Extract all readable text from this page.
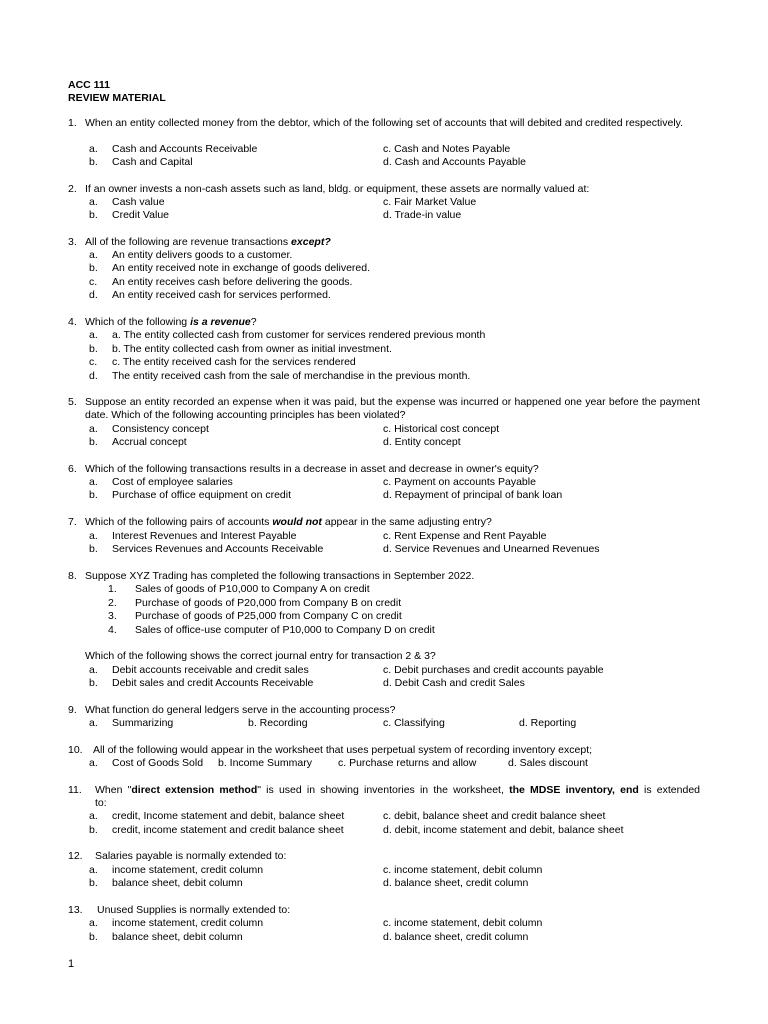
ACC 111
REVIEW MATERIAL
1. When an entity collected money from the debtor, which of the following set of accounts that will debited and credited respectively.
a. Cash and Accounts Receivable	c. Cash and Notes Payable
b. Cash and Capital	d. Cash and Accounts Payable
2. If an owner invests a non-cash assets such as land, bldg. or equipment, these assets are normally valued at:
a. Cash value	c. Fair Market Value
b. Credit Value	d. Trade-in value
3. All of the following are revenue transactions except?
a. An entity delivers goods to a customer.
b. An entity received note in exchange of goods delivered.
c. An entity receives cash before delivering the goods.
d. An entity received cash for services performed.
4. Which of the following is a revenue?
a. a. The entity collected cash from customer for services rendered previous month
b. b. The entity collected cash from owner as initial investment.
c. c. The entity received cash for the services rendered
d. The entity received cash from the sale of merchandise in the previous month.
5. Suppose an entity recorded an expense when it was paid, but the expense was incurred or happened one year before the payment date. Which of the following accounting principles has been violated?
a. Consistency concept	c. Historical cost concept
b. Accrual concept	d. Entity concept
6. Which of the following transactions results in a decrease in asset and decrease in owner's equity?
a. Cost of employee salaries	c. Payment on accounts Payable
b. Purchase of office equipment on credit	d. Repayment of principal of bank loan
7. Which of the following pairs of accounts would not appear in the same adjusting entry?
a. Interest Revenues and Interest Payable	c. Rent Expense and Rent Payable
b. Services Revenues and Accounts Receivable	d. Service Revenues and Unearned Revenues
8. Suppose XYZ Trading has completed the following transactions in September 2022.
1. Sales of goods of P10,000 to Company A on credit
2. Purchase of goods of P20,000 from Company B on credit
3. Purchase of goods of P25,000 from Company C on credit
4. Sales of office-use computer of P10,000 to Company D on credit
Which of the following shows the correct journal entry for transaction 2 & 3?
a. Debit accounts receivable and credit sales	c. Debit purchases and credit accounts payable
b. Debit sales and credit Accounts Receivable	d. Debit Cash and credit Sales
9. What function do general ledgers serve in the accounting process?
a. Summarizing	b. Recording	c. Classifying	d. Reporting
10. All of the following would appear in the worksheet that uses perpetual system of recording inventory except;
a. Cost of Goods Sold b. Income Summary c. Purchase returns and allow	d. Sales discount
11. When "direct extension method" is used in showing inventories in the worksheet, the MDSE inventory, end is extended to:
a. credit, Income statement and debit, balance sheet	c. debit, balance sheet and credit balance sheet
b. credit, income statement and credit balance sheet	d. debit, income statement and debit, balance sheet
12. Salaries payable is normally extended to:
a. income statement, credit column	c. income statement, debit column
b. balance sheet, debit column	d. balance sheet, credit column
13. Unused Supplies is normally extended to:
a. income statement, credit column	c. income statement, debit column
b. balance sheet, debit column	d. balance sheet, credit column
1
